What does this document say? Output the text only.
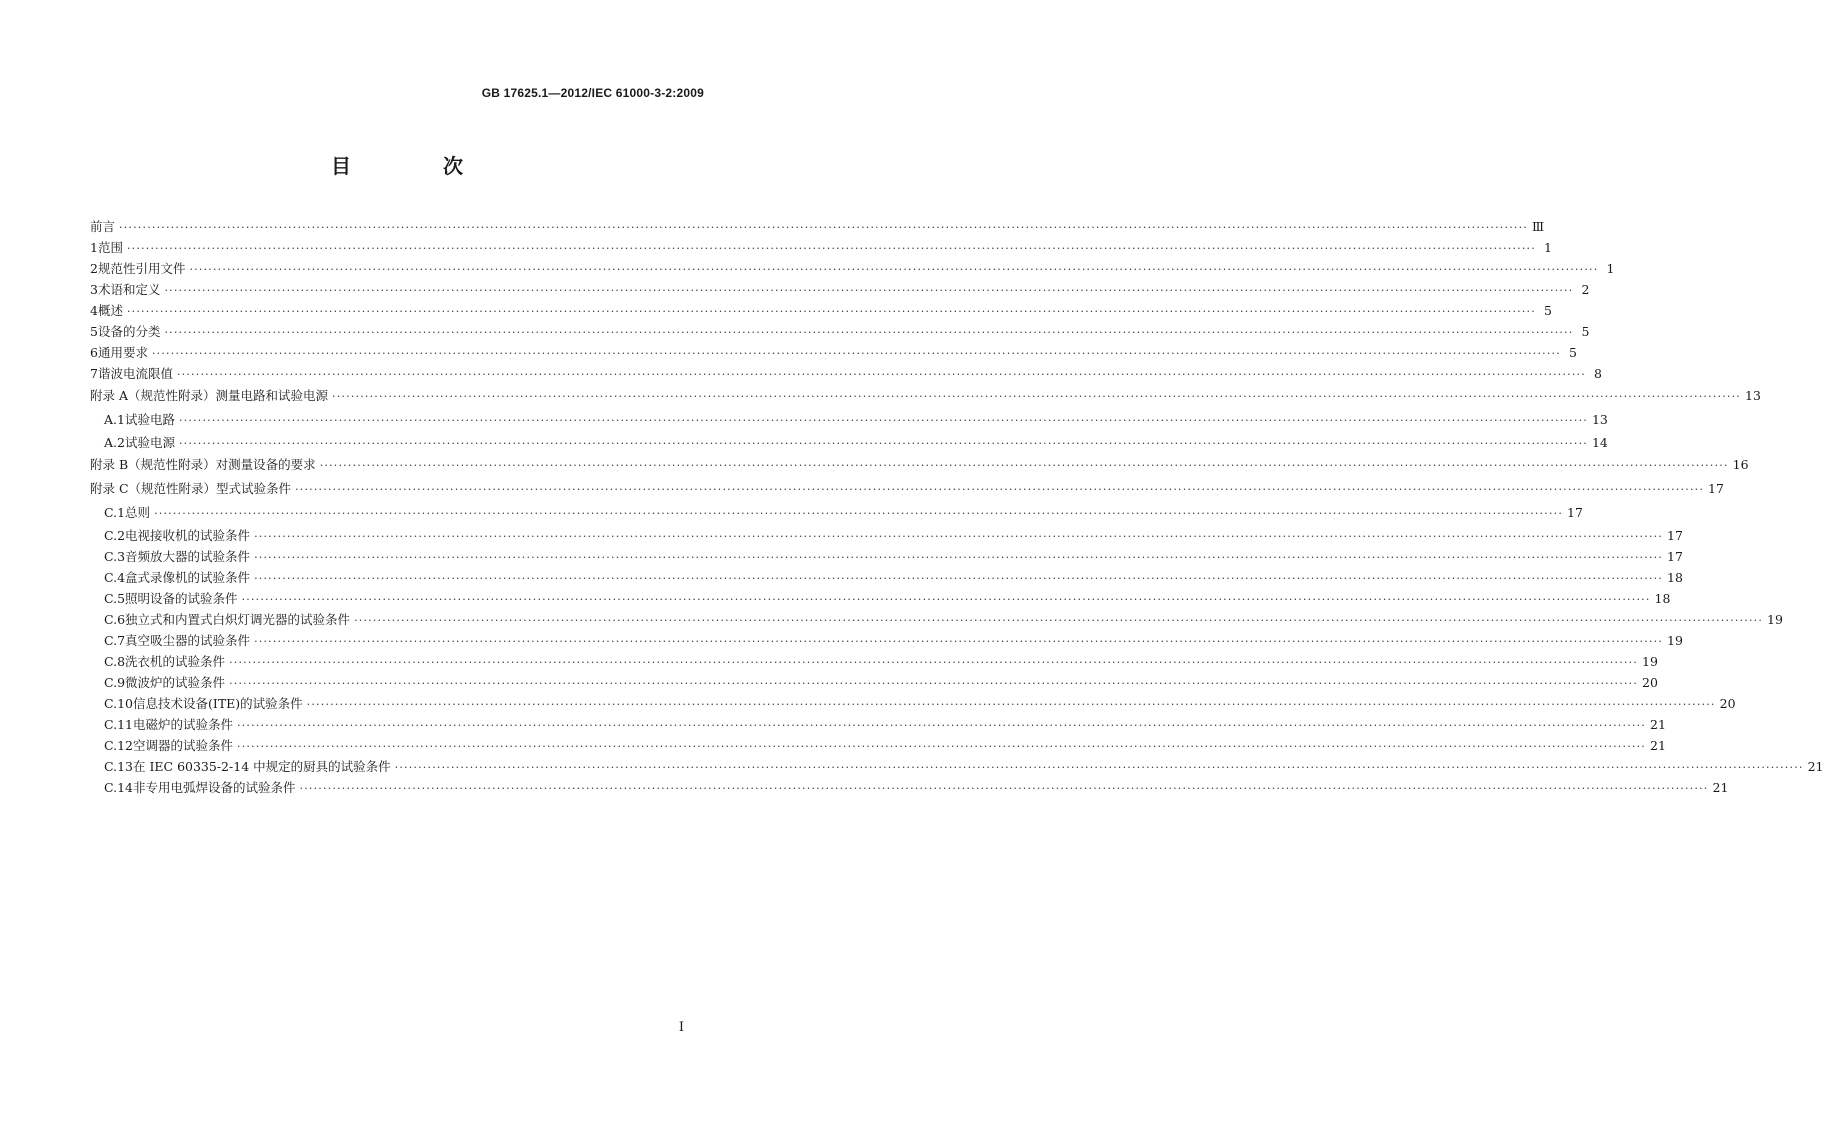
GB 17625.1—2012/IEC 61000-3-2:2009
目　次
前言 ············································································································································································································································································································ Ⅲ
1 范围 ············································································································································································································································································································ 1
2 规范性引用文件 ············································································································································································································································································································ 1
3 术语和定义 ············································································································································································································································································································ 2
4 概述 ············································································································································································································································································································ 5
5 设备的分类 ············································································································································································································································································································ 5
6 通用要求 ············································································································································································································································································································ 5
7 谐波电流限值 ············································································································································································································································································································ 8
附录 A（规范性附录） 测量电路和试验电源 ············································································································································································································································································································ 13
A.1 试验电路 ············································································································································································································································································································ 13
A.2 试验电源 ············································································································································································································································································································ 14
附录 B（规范性附录） 对测量设备的要求 ············································································································································································································································································································ 16
附录 C（规范性附录） 型式试验条件 ············································································································································································································································································································ 17
C.1 总则 ············································································································································································································································································································ 17
C.2 电视接收机的试验条件 ············································································································································································································································································································ 17
C.3 音频放大器的试验条件 ············································································································································································································································································································ 17
C.4 盒式录像机的试验条件 ············································································································································································································································································································ 18
C.5 照明设备的试验条件 ············································································································································································································································································································ 18
C.6 独立式和内置式白炽灯调光器的试验条件 ············································································································································································································································································································ 19
C.7 真空吸尘器的试验条件 ············································································································································································································································································································ 19
C.8 洗衣机的试验条件 ············································································································································································································································································································ 19
C.9 微波炉的试验条件 ············································································································································································································································································································ 20
C.10 信息技术设备(ITE)的试验条件 ············································································································································································································································································································ 20
C.11 电磁炉的试验条件 ············································································································································································································································································································ 21
C.12 空调器的试验条件 ············································································································································································································································································································ 21
C.13 在 IEC 60335-2-14 中规定的厨具的试验条件 ············································································································································································································································································································ 21
C.14 非专用电弧焊设备的试验条件 ············································································································································································································································································································ 21
I
